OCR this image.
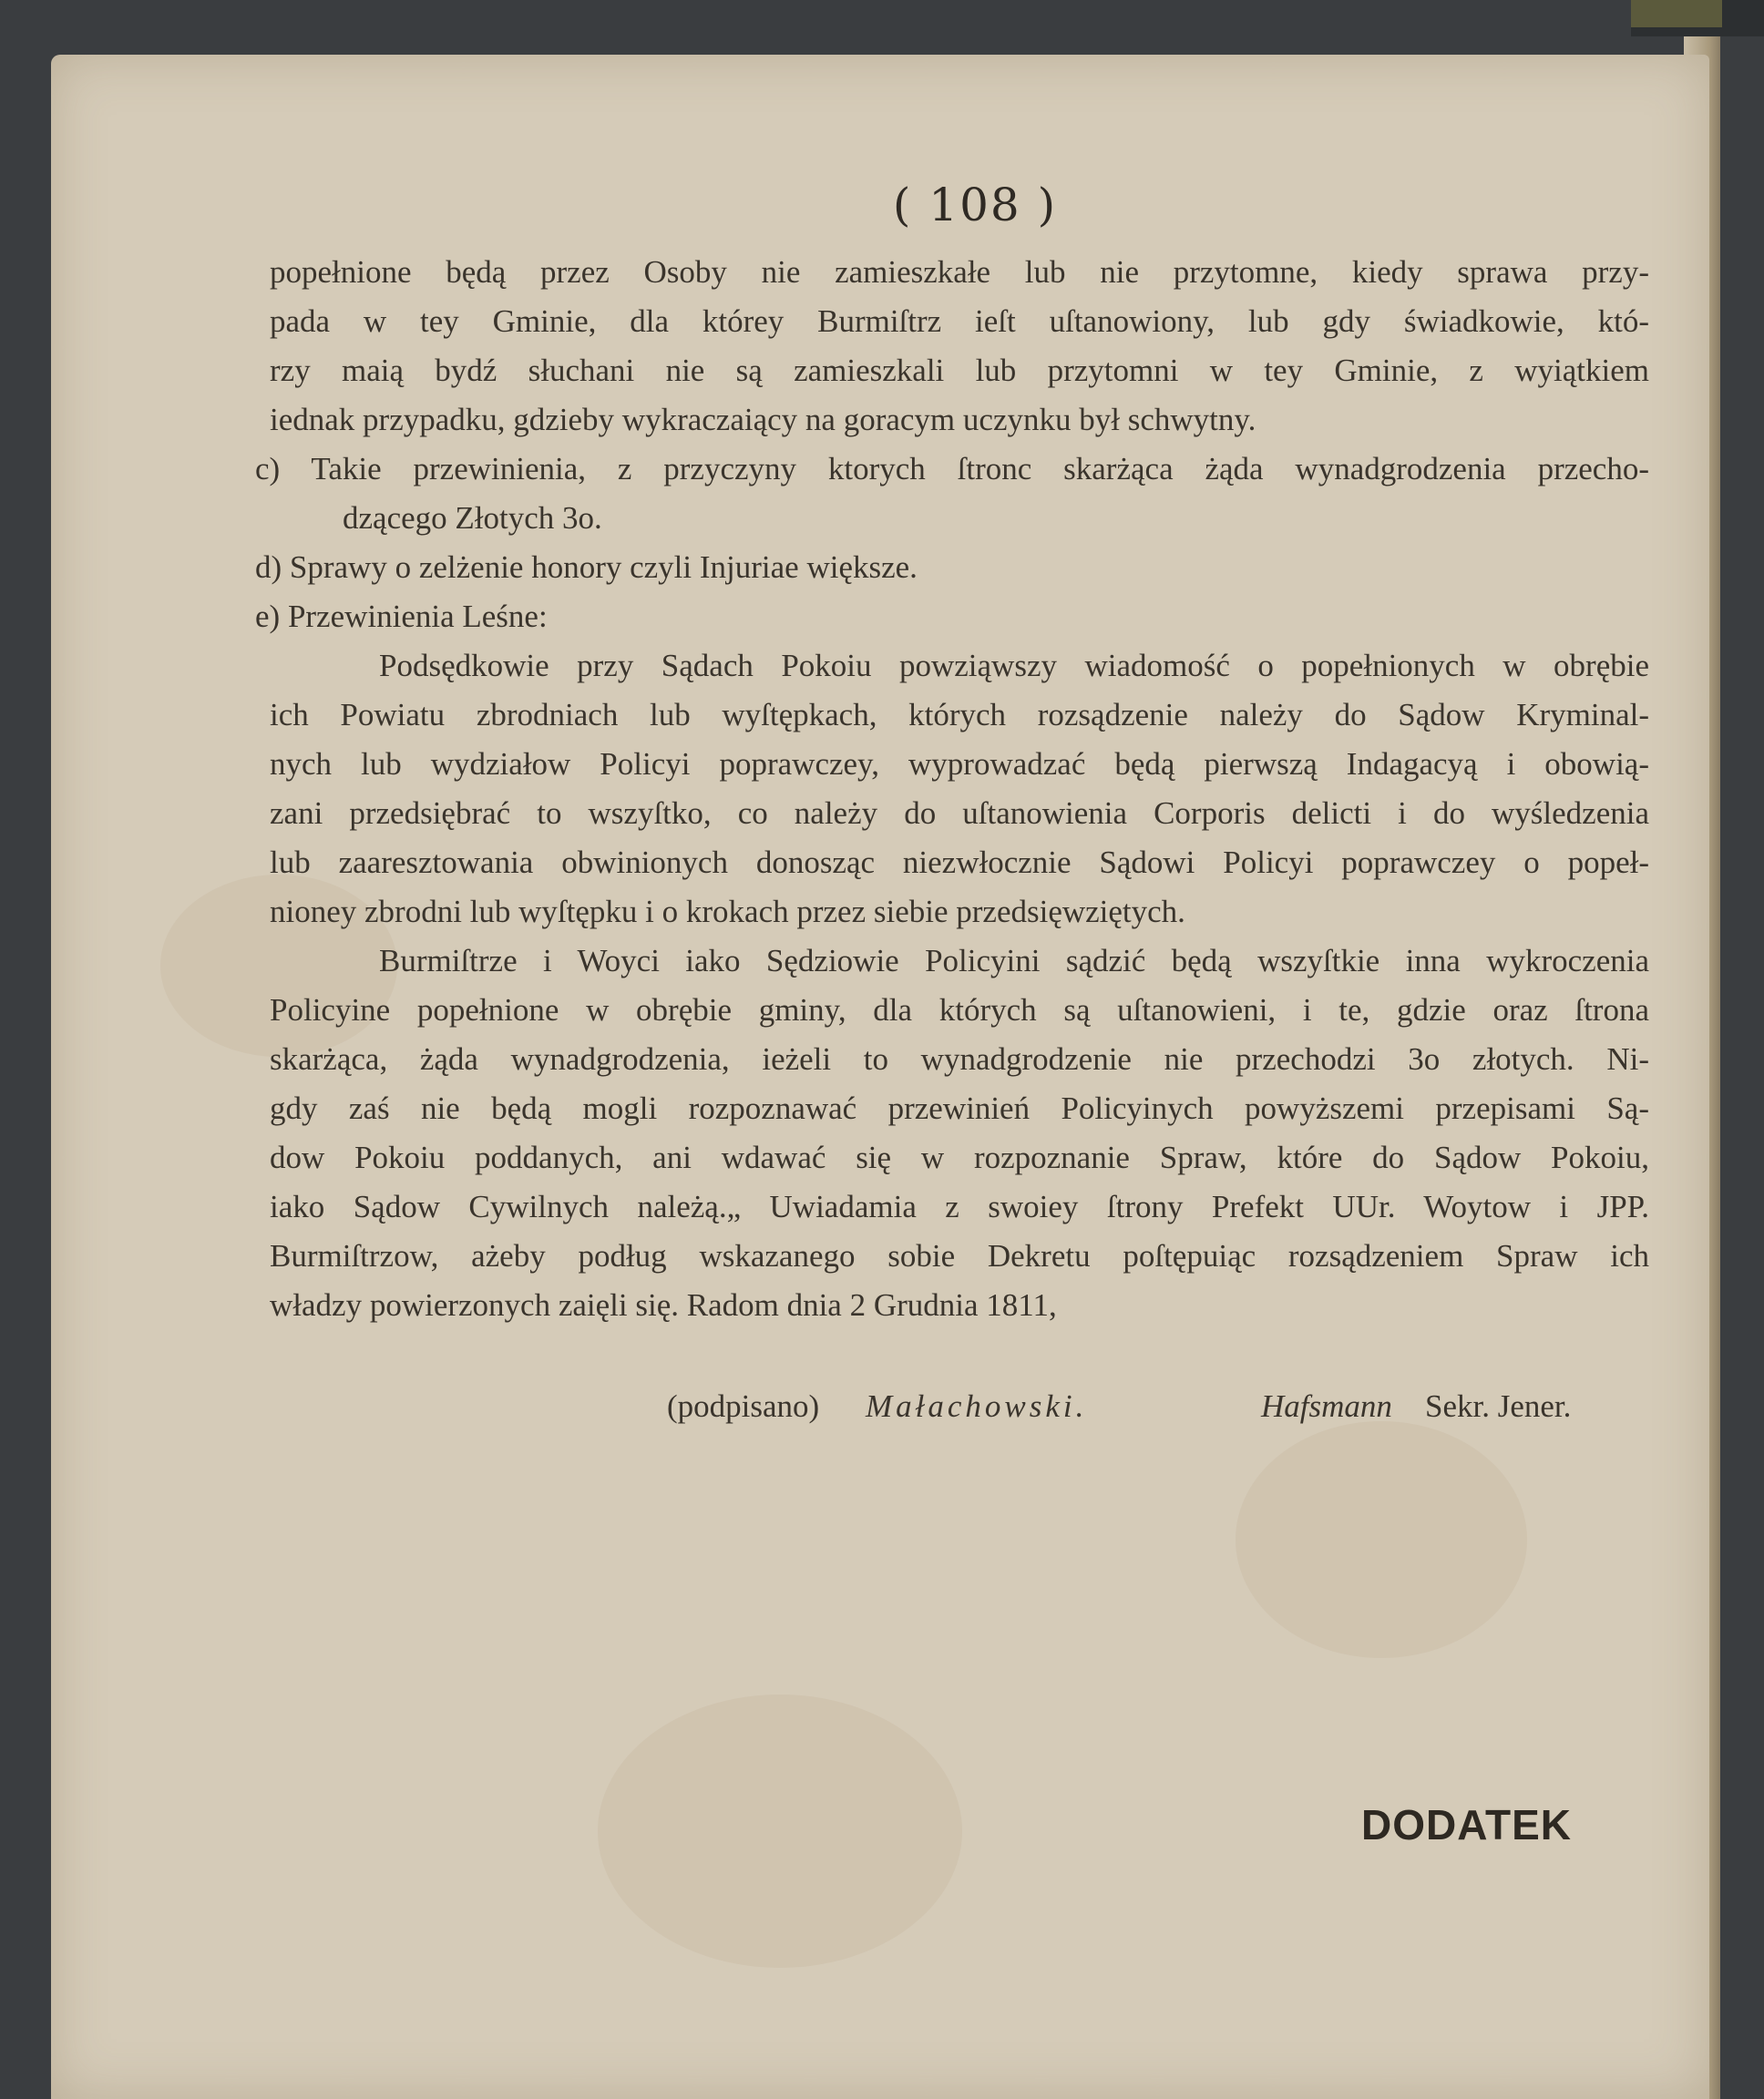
( 108 )
popełnione będą przez Osoby nie zamieszkałe lub nie przytomne, kiedy sprawa przy-
pada w tey Gminie, dla którey Burmiſtrz ieſt uſtanowiony, lub gdy świadkowie, któ-
rzy maią bydź słuchani nie są zamieszkali lub przytomni w tey Gminie, z wyiątkiem
iednak przypadku, gdzieby wykraczaiący na goracym uczynku był schwytny.
c) Takie przewinienia, z przyczyny ktorych ſtronc skarżąca żąda wynadgrodzenia przecho-
dzącego Złotych 3o.
d) Sprawy o zelżenie honory czyli Injuriae większe.
e) Przewinienia Leśne:
Podsędkowie przy Sądach Pokoiu powziąwszy wiadomość o popełnionych w obrębie
ich Powiatu zbrodniach lub wyſtępkach, których rozsądzenie należy do Sądow Kryminal-
nych lub wydziałow Policyi poprawczey, wyprowadzać będą pierwszą Indagacyą i obowią-
zani przedsiębrać to wszyſtko, co należy do uſtanowienia Corporis delicti i do wyśledzenia
lub zaaresztowania obwinionych donosząc niezwłocznie Sądowi Policyi poprawczey o popeł-
nioney zbrodni lub wyſtępku i o krokach przez siebie przedsięwziętych.
Burmiſtrze i Woyci iako Sędziowie Policyini sądzić będą wszyſtkie inna wykroczenia
Policyine popełnione w obrębie gminy, dla których są uſtanowieni, i te, gdzie oraz ſtrona
skarżąca, żąda wynadgrodzenia, ieżeli to wynadgrodzenie nie przechodzi 3o złotych. Ni-
gdy zaś nie będą mogli rozpoznawać przewinień Policyinych powyższemi przepisami Są-
dow Pokoiu poddanych, ani wdawać się w rozpoznanie Spraw, które do Sądow Pokoiu,
iako Sądow Cywilnych należą.„ Uwiadamia z swoiey ſtrony Prefekt UUr. Woytow i JPP.
Burmiſtrzow, ażeby podług wskazanego sobie Dekretu poſtępuiąc rozsądzeniem Spraw ich
władzy powierzonych zaięli się. Radom dnia 2 Grudnia 1811,
(podpisano) Małachowski.	Hafsmann Sekr. Jener.
DODATEK
